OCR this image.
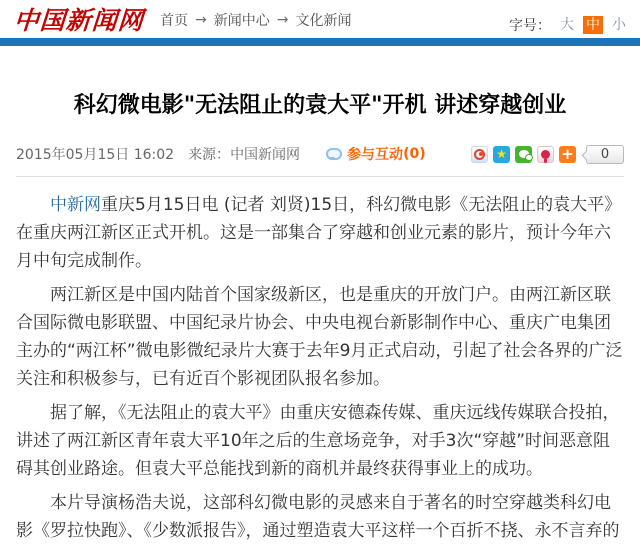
中国新闻网 首页 → 新闻中心 → 文化新闻	字号： 大 中 小
科幻微电影"无法阻止的袁大平"开机 讲述穿越创业
2015年05月15日 16:02 来源：中国新闻网	参与互动 (0)	★	+	0

中新网重庆5月15日电 (记者 刘贤)15日，科幻微电影《无法阻止的袁大平》在重庆两江新区正式开机。这是一部集合了穿越和创业元素的影片，预计今年六月中旬完成制作。

两江新区是中国内陆首个国家级新区，也是重庆的开放门户。由两江新区联合国际微电影联盟、中国纪录片协会、中央电视台新影制作中心、重庆广电集团主办的“两江杯”微电影微纪录片大赛于去年9月正式启动，引起了社会各界的广泛关注和积极参与，已有近百个影视团队报名参加。

据了解，《无法阻止的袁大平》由重庆安德森传媒、重庆远线传媒联合投拍，讲述了两江新区青年袁大平10年之后的生意场竞争，对手3次“穿越”时间恶意阻碍其创业路途。但袁大平总能找到新的商机并最终获得事业上的成功。

本片导演杨浩夫说，这部科幻微电影的灵感来自于著名的时空穿越类科幻电影《罗拉快跑》、《少数派报告》，通过塑造袁大平这样一个百折不挠、永不言弃的
